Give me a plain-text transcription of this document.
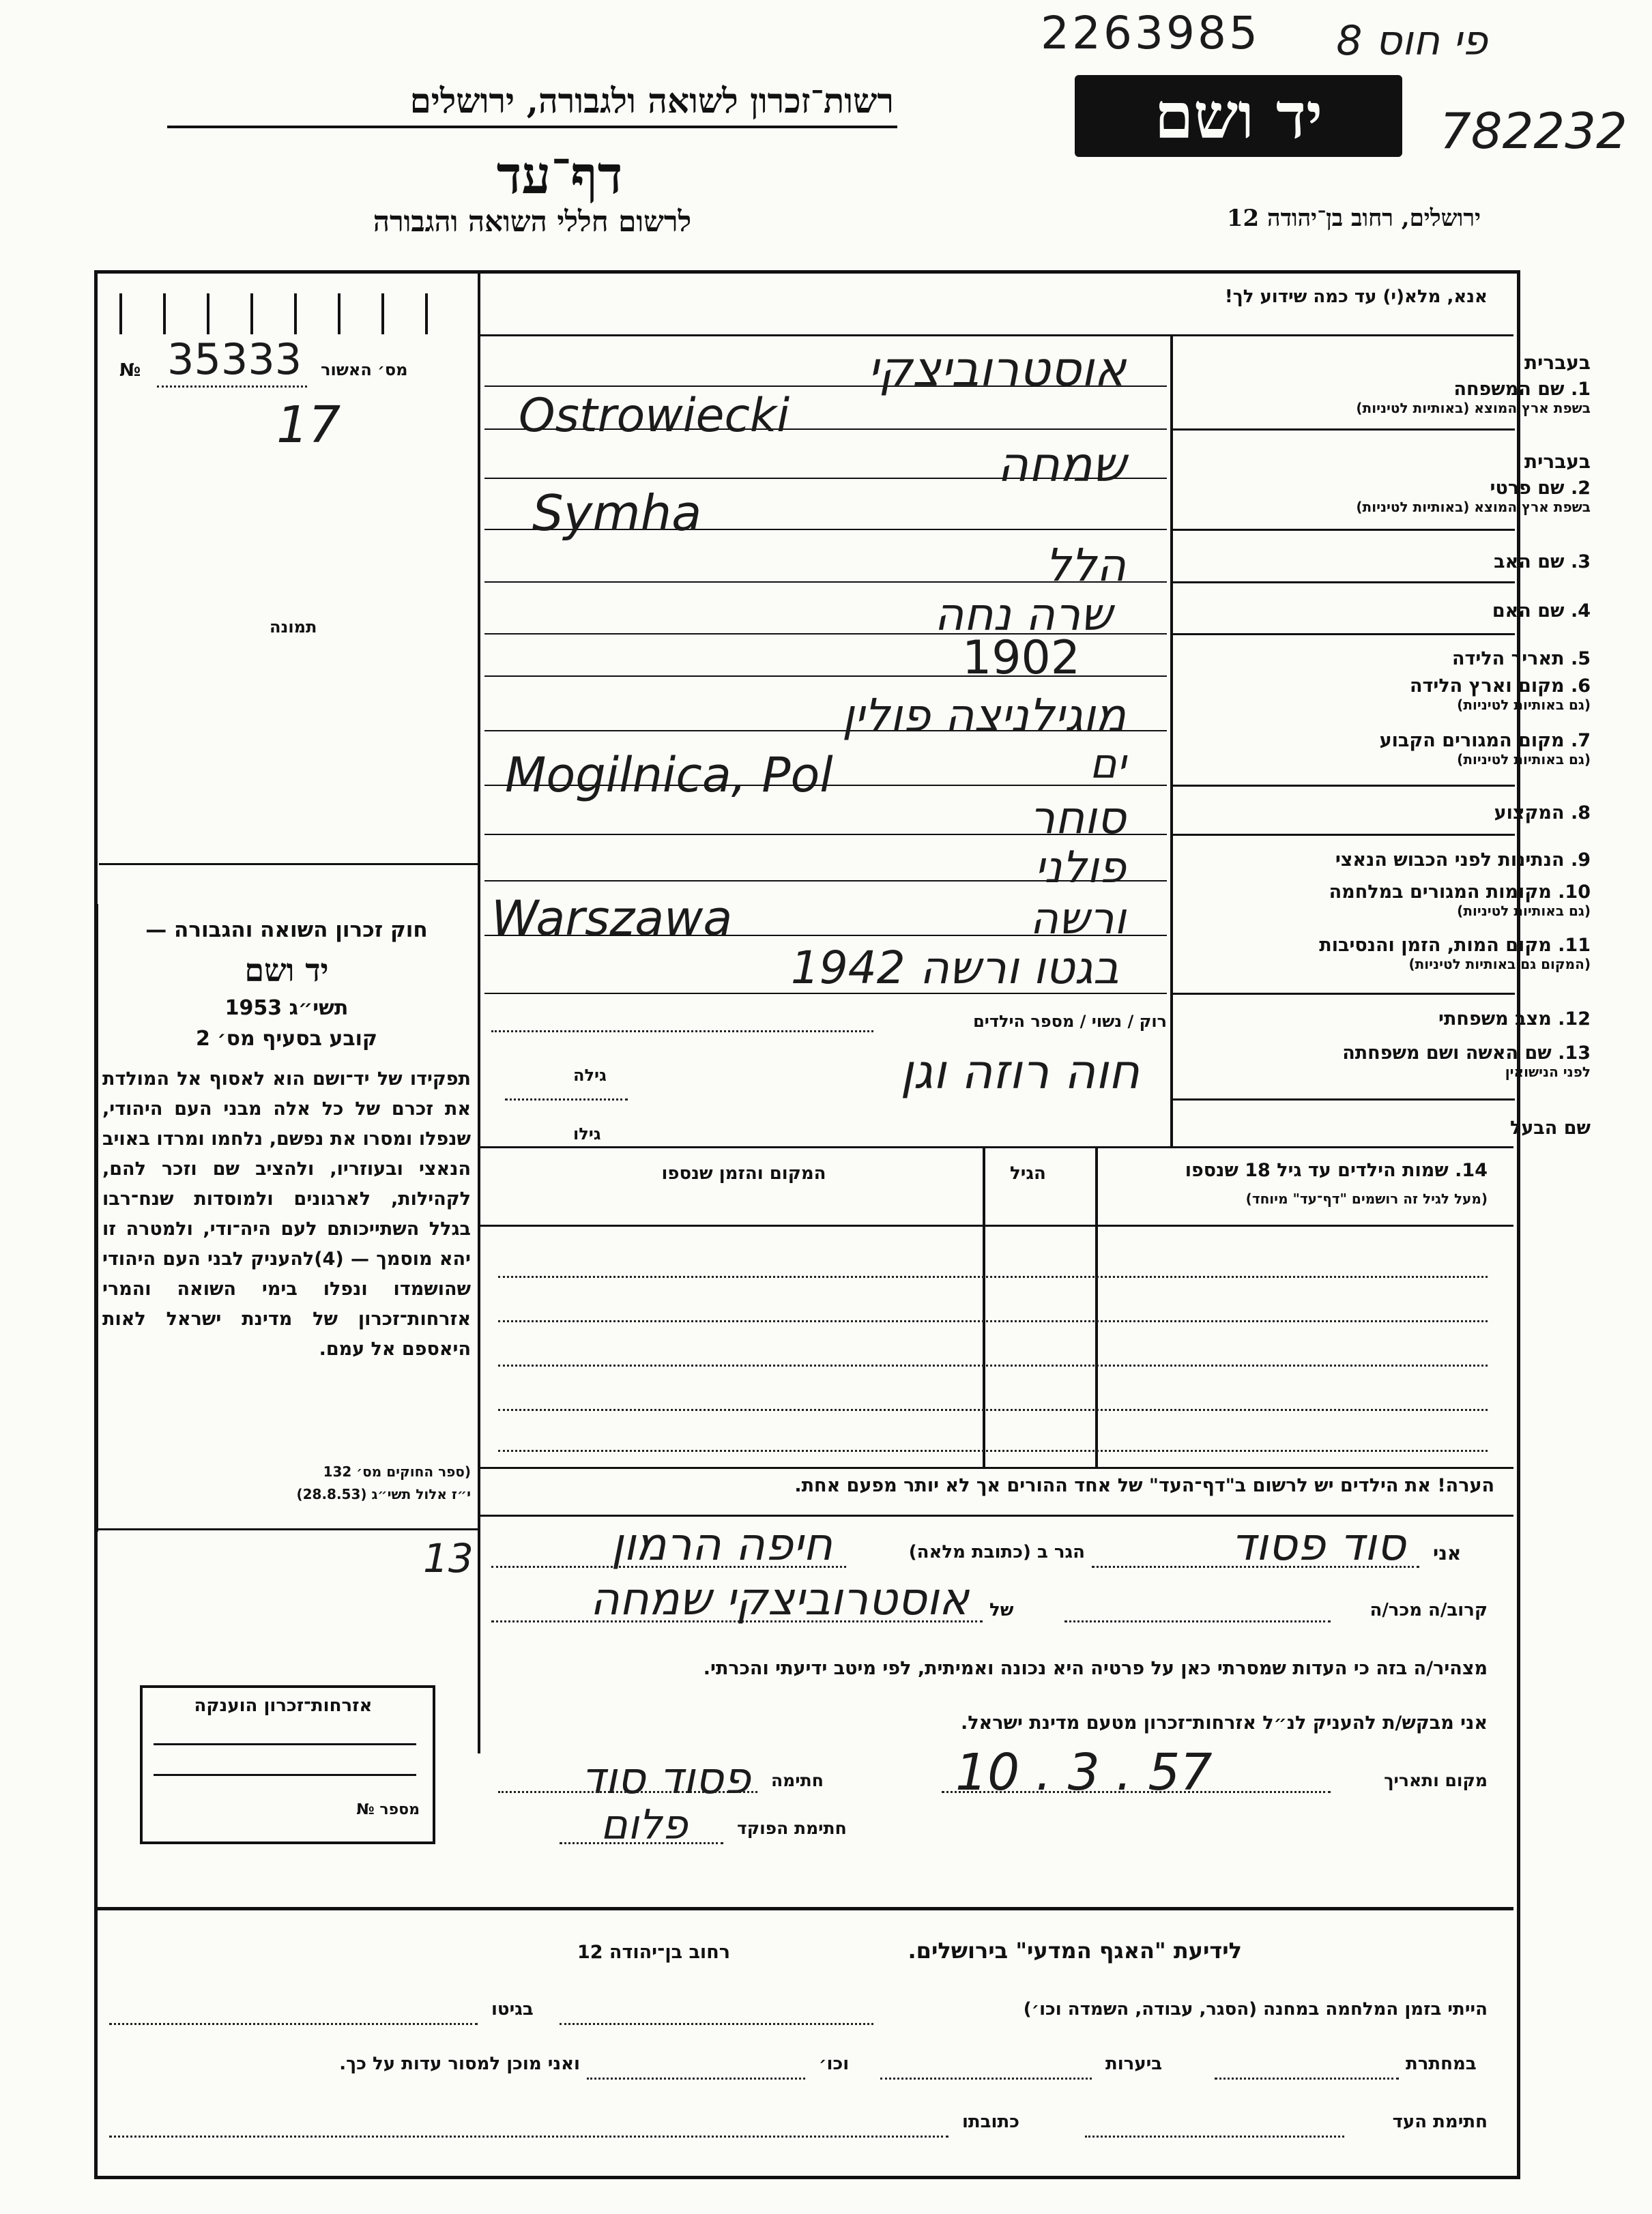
2263985	פי חוס 8
782232
רשות־זכרון לשואה ולגבורה, ירושלים
דף־עד
לרשום חללי השואה והגבורה
יד ושם
ירושלים, רחוב בן־יהודה 12
מס׳ האשור
№ 35333
17
תמונה
חוק זכרון השואה והגבורה —
יד ושם
תשי״ג 1953
קובע בסעיף מס׳ 2
תפקידו של יד־ושם הוא לאסוף אל המולדת את זכרם של כל אלה מבני העם היהודי, שנפלו ומסרו את נפשם, נלחמו ומרדו באויב הנאצי ובעוזריו, ולהציב שם וזכר להם, לקהילות, לארגונים ולמוסדות שנח־רבו בגלל השתייכותם לעם היה־ודי, ולמטרה זו יהא מוסמך — (4)להעניק לבני העם היהודי שהושמדו ונפלו בימי השואה והמרי אזרחות־זכרון של מדינת ישראל לאות היאספם אל עמם.
(ספר החוקים מס׳ 132
י״ז אלול תשי״ג (28.8.53)
13
אזרחות־זכרון הוענקה
מספר №
אנא, מלא(י) עד כמה שידוע לך!
בעברית
1. שם המשפחה
בשפת ארץ המוצא (באותיות לטיניות)
בעברית
2. שם פרטי
בשפת ארץ המוצא (באותיות לטיניות)
3. שם האב
4. שם האם
5. תאריך הלידה
6. מקום וארץ הלידה
(גם באותיות לטיניות)
7. מקום המגורים הקבוע
(גם באותיות לטיניות)
8. המקצוע
9. הנתינות לפני הכבוש הנאצי
10. מקומות המגורים במלחמה
(גם באותיות לטיניות)
11. מקום המות, הזמן והנסיבות
(המקום גם באותיות לטיניות)
12. מצב משפחתי
13. שם האשה ושם משפחתה
לפני הנישואין
שם הבעל
אוסטרוביצקי
Ostrowiecki
שמחה
Symha
הלל
שרה נחה
1902
מוגילניצה פולין
ים
Mogilnica, Pol
סוחר
פולני
ורשה
Warszawa
בגטו ורשה 1942
רוק / נשוי / מספר הילדים
חוה רוזה וגן
גילה
גילו
14. שמות הילדים עד גיל 18 שנספו
(מעל לגיל זה רושמים "דף־עד" מיוחד)
הגיל
המקום והזמן שנספו
הערה! את הילדים יש לרשום ב"דף־העד" של אחד ההורים אך לא יותר מפעם אחת.
אני
סוד פסוד
הגר ב (כתובת מלאה)
חיפה הרמון
קרוב/ה מכר/ה
של
אוסטרוביצקי שמחה
מצהיר/ה בזה כי העדות שמסרתי כאן על פרטיה היא נכונה ואמיתית, לפי מיטב ידיעתי והכרתי.
אני מבקש/ת להעניק לנ״ל אזרחות־זכרון מטעם מדינת ישראל.
מקום ותאריך
10 . 3 . 57
חתימה
פסוד סוד
חתימת הפוקד
פלום
לידיעת "האגף המדעי" בירושלים.
רחוב בן־יהודה 12
הייתי בזמן המלחמה במחנה (הסגר, עבודה, השמדה וכו׳)
בגיטו
במחתרת
ביערות
וכו׳
ואני מוכן למסור עדות על כך.
חתימת העד
כתובתו
